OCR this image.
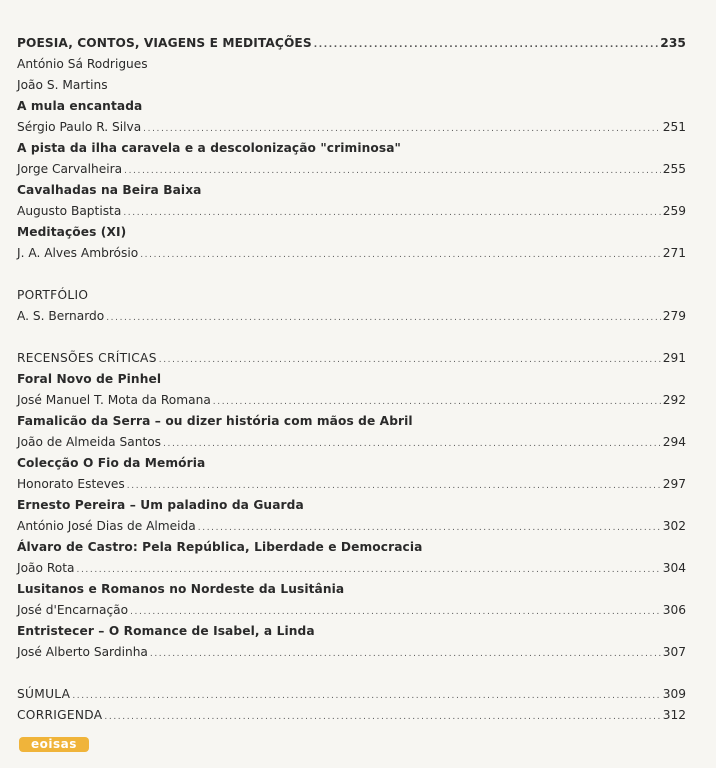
POESIA, CONTOS, VIAGENS E MEDITAÇÕES .....	235
António Sá Rodrigues
João S. Martins
A mula encantada
Sérgio Paulo R. Silva .....	251
A pista da ilha caravela e a descolonização "criminosa"
Jorge Carvalheira .....	255
Cavalhadas na Beira Baixa
Augusto Baptista .....	259
Meditações (XI)
J. A. Alves Ambrósio .....	271
PORTFÓLIO
A. S. Bernardo .....	279
RECENSÕES CRÍTICAS .....	291
Foral Novo de Pinhel
José Manuel T. Mota da Romana .....	292
Famalicão da Serra – ou dizer história com mãos de Abril
João de Almeida Santos .....	294
Colecção O Fio da Memória
Honorato Esteves .....	297
Ernesto Pereira – Um paladino da Guarda
António José Dias de Almeida .....	302
Álvaro de Castro: Pela República, Liberdade e Democracia
João Rota .....	304
Lusitanos e Romanos no Nordeste da Lusitânia
José d'Encarnação .....	306
Entristecer – O Romance de Isabel, a Linda
José Alberto Sardinha .....	307
SÚMULA .....	309
CORRIGENDA .....	312
eoisas
